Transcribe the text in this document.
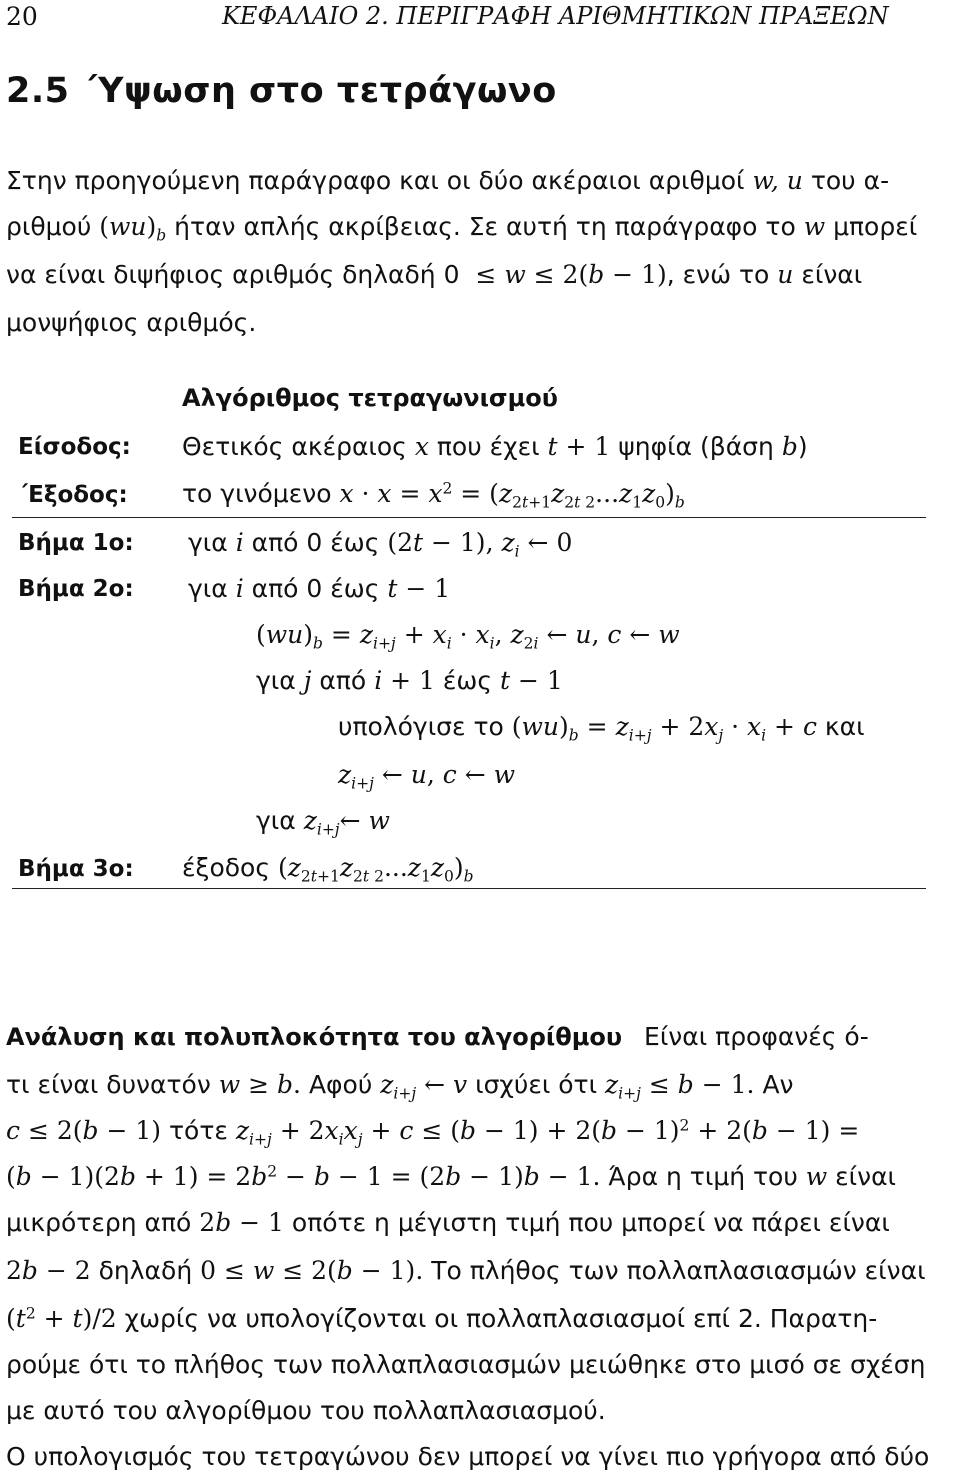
20	ΚΕΦΑΛΑΙΟ 2. ΠΕΡΙΓΡΑΦΗ ΑΡΙΘΜΗΤΙΚΩΝ ΠΡΑΞΕΩΝ
2.5 ΄Υψωση στο τετράγωνο
Στην προηγούμενη παράγραφο και οι δύο ακέραιοι αριθμοί w, u του α-
ριθμού $(wu)_b$ ήταν απλής ακρίβειας. Σε αυτή τη παράγραφο το w μπορεί
να είναι διψήφιος αριθμός δηλαδή 0  ≤ w ≤ 2(b − 1), ενώ το u είναι
μονψήφιος αριθμός.
Αλγόριθμος τετραγωνισμού
Είσοδος: Θετικός ακέραιος x που έχει t + 1 ψηφία (βάση b)
΄Εξοδος: το γινόμενο $x \cdot x = x^2 = (z_{2t+1}z_{2t 2}...z_1z_0)_b$
Βήμα 1ο: για i από 0 έως (2t − 1), $z_i$ ← 0
Βήμα 2ο: για i από 0 έως t − 1
$(wu)_b = z_{i+j} + x_i \cdot x_i$, $z_{2i}$ ← u, c ← w
για j από i + 1 έως t − 1
υπολόγισε το $(wu)_b = z_{i+j} + 2x_j \cdot x_i + c$ και
$z_{i+j}$ ← u, c ← w
για $z_{i+j}\leftarrow$ w
Βήμα 3ο: έξοδος $(z_{2t+1}z_{2t 2}...z_1z_0)_b$
Ανάλυση και πολυπλοκότητα του αλγορίθμου Είναι προφανές ό-
τι είναι δυνατόν w ≥ b. Αφού $z_{i+j}$ ← v ισχύει ότι $z_{i+j} \le b - 1$. Αν
c ≤ 2(b − 1) τότε $z_{i+j} + 2x_ix_j + c \le (b - 1) + 2(b - 1)^2 + 2(b - 1)$ =
$(b - 1)(2b + 1) = 2b^2 - b - 1 = (2b - 1)b - 1$. Άρα η τιμή του w είναι
μικρότερη από 2b − 1 οπότε η μέγιστη τιμή που μπορεί να πάρει είναι
2b − 2 δηλαδή 0 ≤ w ≤ 2(b − 1). Το πλήθος των πολλαπλασιασμών είναι
$(t^2 + t)/2$ χωρίς να υπολογίζονται οι πολλαπλασιασμοί επί 2. Παρατη-
ρούμε ότι το πλήθος των πολλαπλασιασμών μειώθηκε στο μισό σε σχέση
με αυτό του αλγορίθμου του πολλαπλασιασμού.
Ο υπολογισμός του τετραγώνου δεν μπορεί να γίνει πιο γρήγορα από δύο
